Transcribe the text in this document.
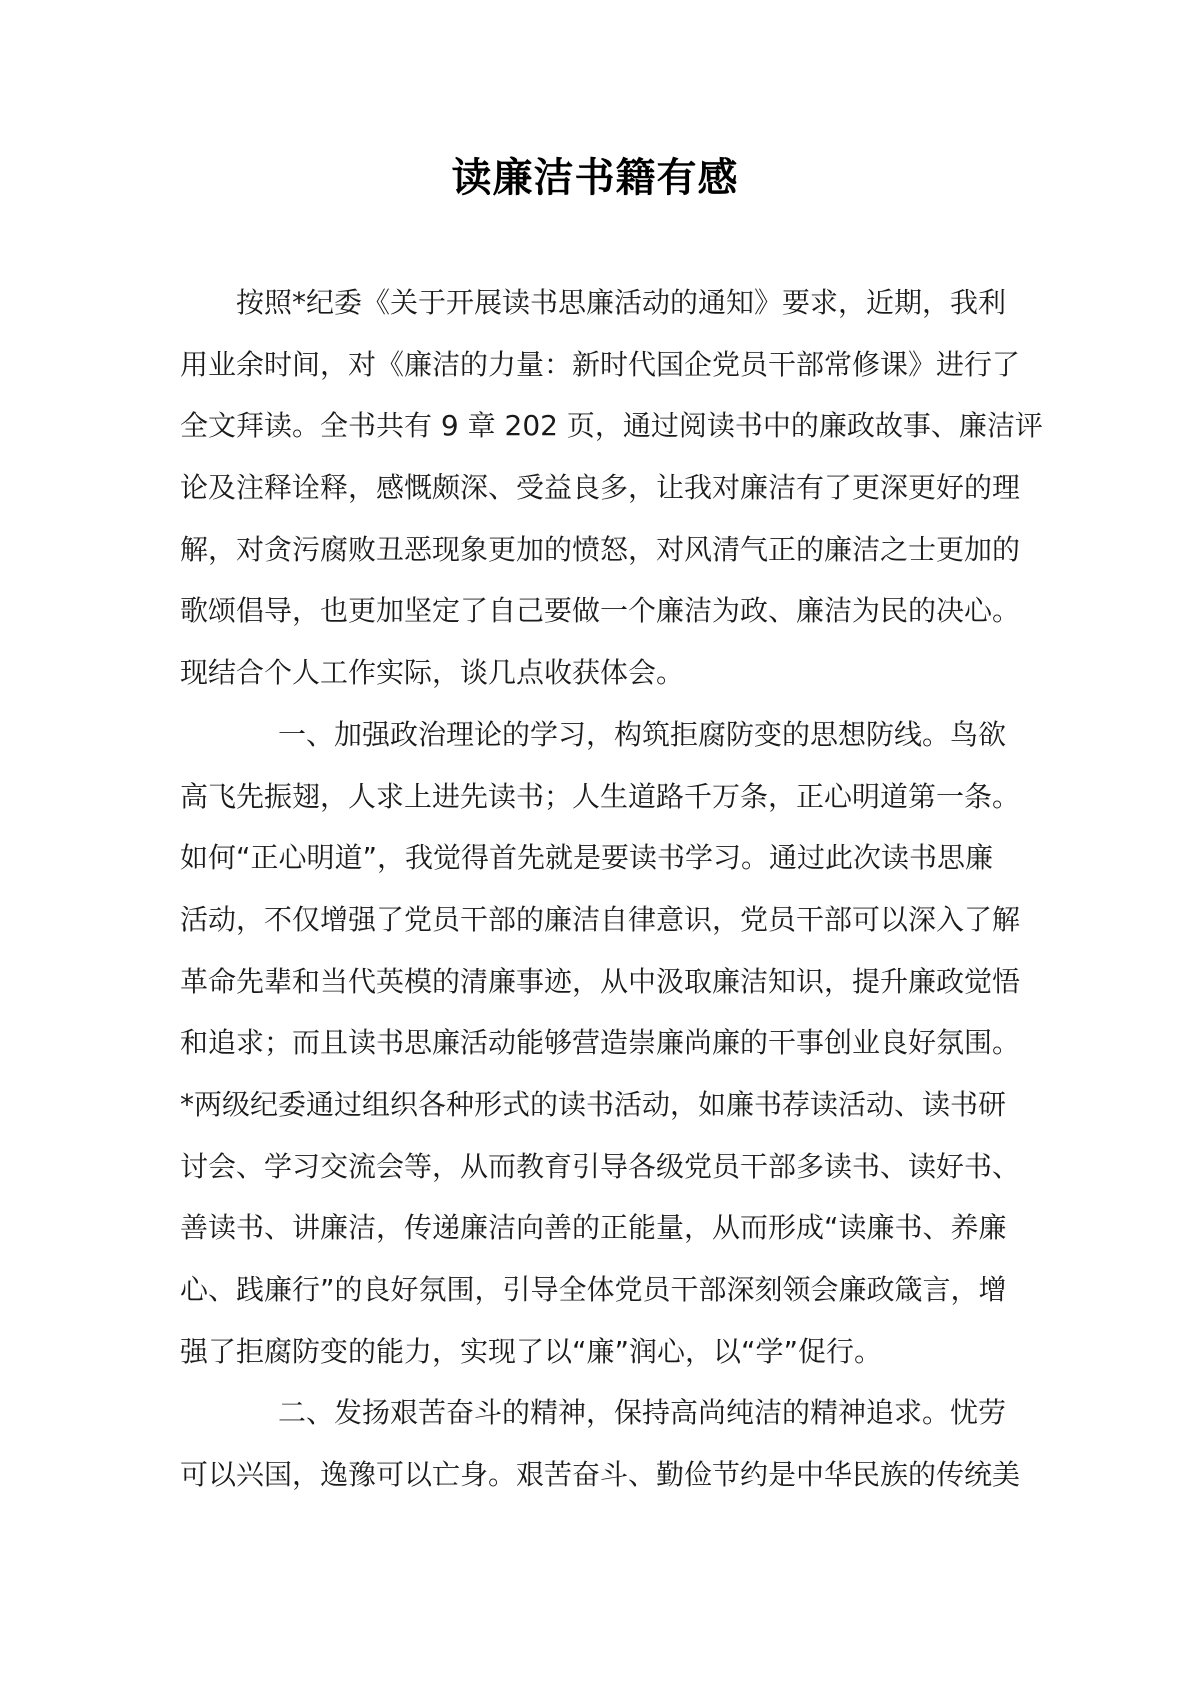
读廉洁书籍有感
按照*纪委《关于开展读书思廉活动的通知》要求，近期，我利
用业余时间，对《廉洁的力量：新时代国企党员干部常修课》进行了
全文拜读。全书共有 9 章 202 页，通过阅读书中的廉政故事、廉洁评
论及注释诠释，感慨颇深、受益良多，让我对廉洁有了更深更好的理
解，对贪污腐败丑恶现象更加的愤怒，对风清气正的廉洁之士更加的
歌颂倡导，也更加坚定了自己要做一个廉洁为政、廉洁为民的决心。
现结合个人工作实际，谈几点收获体会。
一、加强政治理论的学习，构筑拒腐防变的思想防线。鸟欲
高飞先振翅，人求上进先读书；人生道路千万条，正心明道第一条。
如何“正心明道”，我觉得首先就是要读书学习。通过此次读书思廉
活动，不仅增强了党员干部的廉洁自律意识，党员干部可以深入了解
革命先辈和当代英模的清廉事迹，从中汲取廉洁知识，提升廉政觉悟
和追求；而且读书思廉活动能够营造崇廉尚廉的干事创业良好氛围。
*两级纪委通过组织各种形式的读书活动，如廉书荐读活动、读书研
讨会、学习交流会等，从而教育引导各级党员干部多读书、读好书、
善读书、讲廉洁，传递廉洁向善的正能量，从而形成“读廉书、养廉
心、践廉行”的良好氛围，引导全体党员干部深刻领会廉政箴言，增
强了拒腐防变的能力，实现了以“廉”润心，以“学”促行。
二、发扬艰苦奋斗的精神，保持高尚纯洁的精神追求。忧劳
可以兴国，逸豫可以亡身。艰苦奋斗、勤俭节约是中华民族的传统美
